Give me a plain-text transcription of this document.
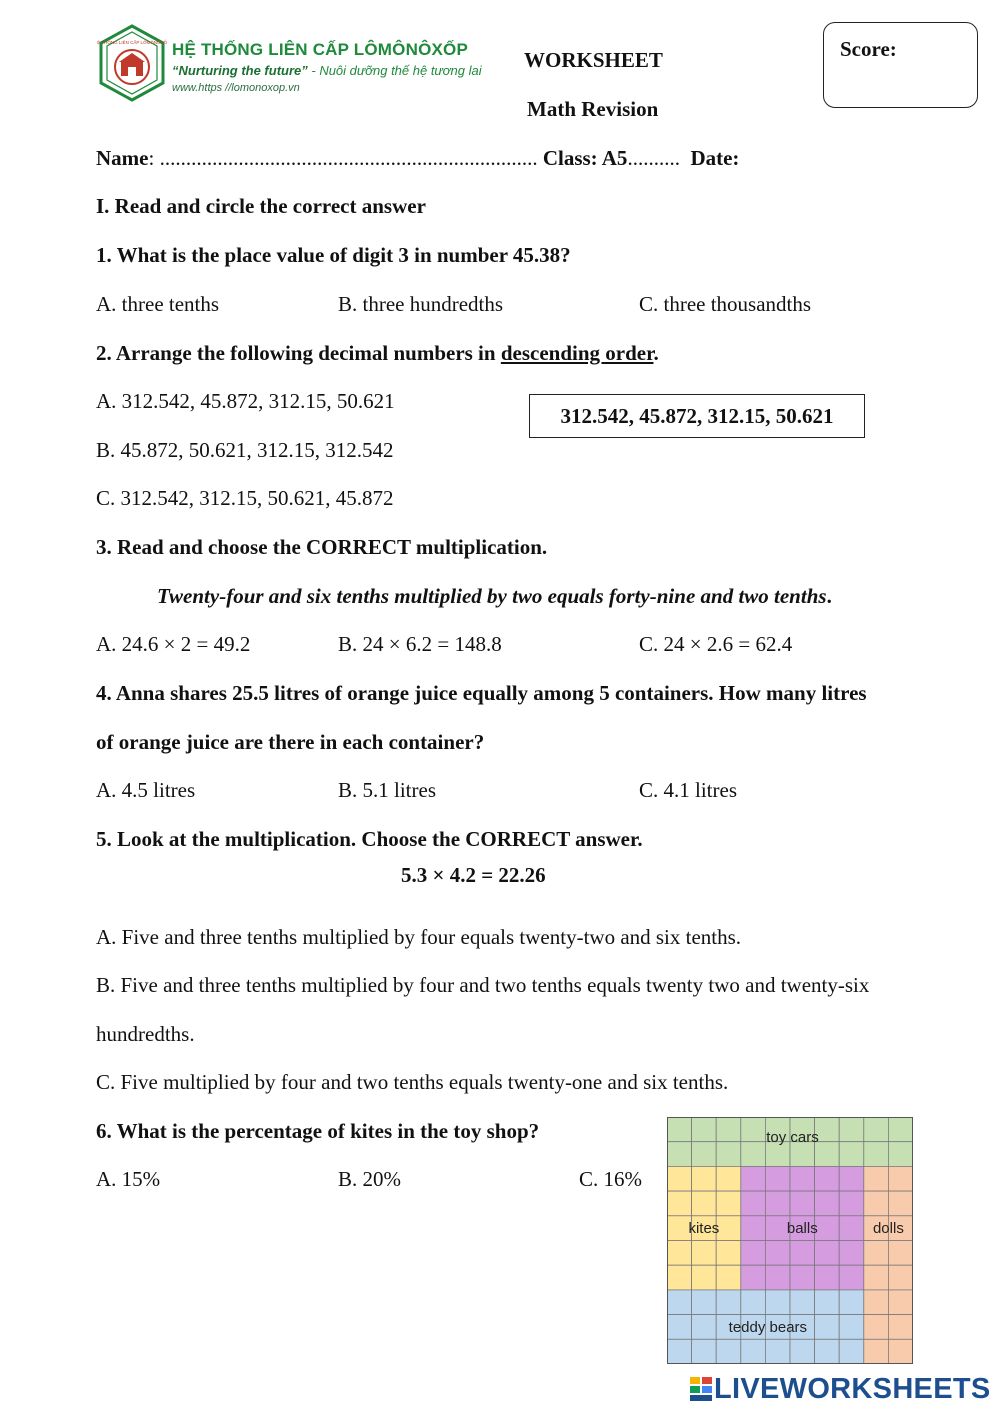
HỆ THỐNG LIÊN CẤP LÔMÔNÔXỐP HỆ THỐNG LIÊN CẤP LÔMÔNÔXỐP
“Nurturing the future” - Nuôi dưỡng thế hệ tương lai
www.https //lomonoxop.vn
WORKSHEET
Math Revision
Score:
Name: ........................................................................ Class: A5.......... Date:
I. Read and circle the correct answer
1. What is the place value of digit 3 in number 45.38?
A. three tenths	B. three hundredths	C. three thousandths
2. Arrange the following decimal numbers in descending order.
A. 312.542, 45.872, 312.15, 50.621
B. 45.872, 50.621, 312.15, 312.542
C. 312.542, 312.15, 50.621, 45.872
312.542, 45.872, 312.15, 50.621
3. Read and choose the CORRECT multiplication.
Twenty-four and six tenths multiplied by two equals forty-nine and two tenths.
A. 24.6 × 2 = 49.2	B. 24 × 6.2 = 148.8	C. 24 × 2.6 = 62.4
4. Anna shares 25.5 litres of orange juice equally among 5 containers. How many litres
of orange juice are there in each container?
A. 4.5 litres	B. 5.1 litres	C. 4.1 litres
5. Look at the multiplication. Choose the CORRECT answer.
5.3 × 4.2 = 22.26
A. Five and three tenths multiplied by four equals twenty-two and six tenths.
B. Five and three tenths multiplied by four and two tenths equals twenty two and twenty-six
hundredths.
C. Five multiplied by four and two tenths equals twenty-one and six tenths.
6. What is the percentage of kites in the toy shop?
A. 15%	B. 20%	C. 16%
toy cars
kites	balls	dolls
teddy bears
LIVEWORKSHEETS
